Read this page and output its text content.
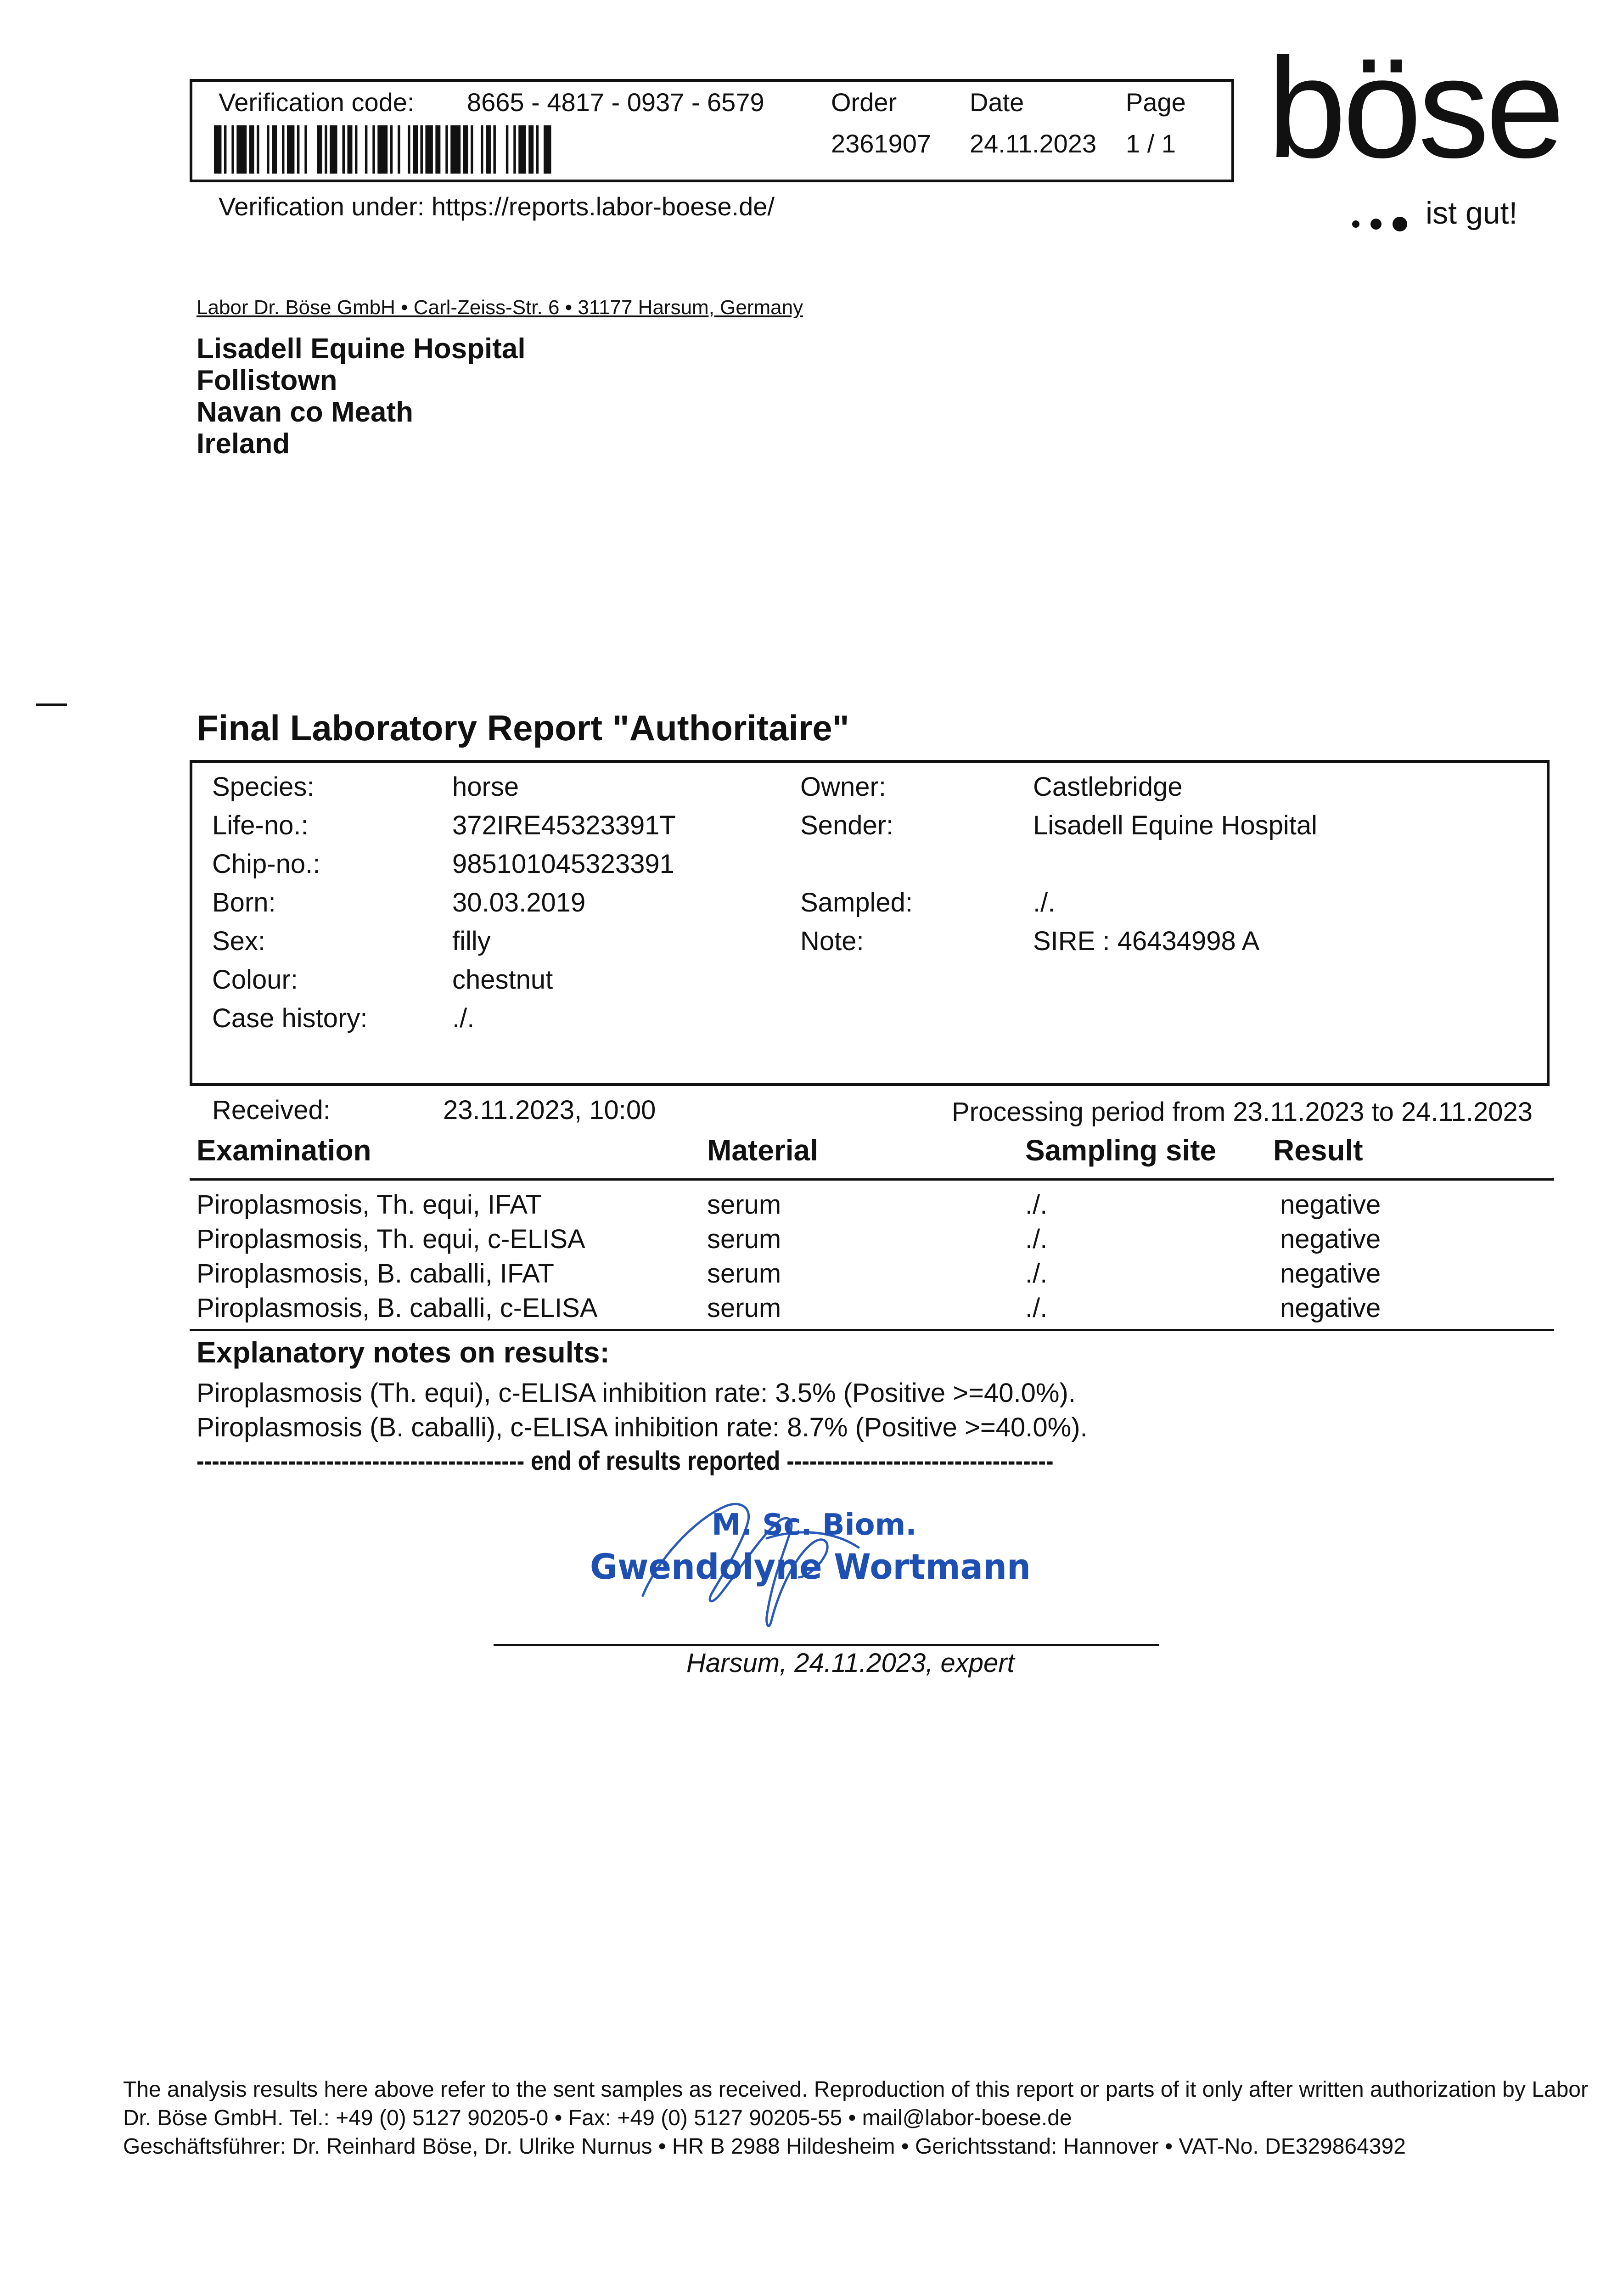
Verification code: 8665 - 4817 - 0937 - 6579	Order
2361907
Date
24.11.2023
Page
1 / 1
Verification under: https://reports.labor-boese.de/
böse
ist gut!
Labor Dr. Böse GmbH • Carl-Zeiss-Str. 6 • 31177 Harsum, Germany
Lisadell Equine Hospital
Follistown
Navan co Meath
Ireland
Final Laboratory Report "Authoritaire"
Species:	horse
Life-no.:	372IRE45323391T
Chip-no.:	985101045323391
Born:	30.03.2019
Sex:	filly
Colour:	chestnut
Case history:	./.
Owner:	Castlebridge
Sender:	Lisadell Equine Hospital
Sampled:	./.
Note:	SIRE : 46434998 A
Received:	23.11.2023, 10:00	Processing period from 23.11.2023 to 24.11.2023
Examination	Material	Sampling site Result
Piroplasmosis, Th. equi, IFAT	serum	./.	negative
Piroplasmosis, Th. equi, c-ELISA	serum	./.	negative
Piroplasmosis, B. caballi, IFAT	serum	./.	negative
Piroplasmosis, B. caballi, c-ELISA	serum	./.	negative
Explanatory notes on results:
Piroplasmosis (Th. equi), c-ELISA inhibition rate: 3.5% (Positive >=40.0%).
Piroplasmosis (B. caballi), c-ELISA inhibition rate: 8.7% (Positive >=40.0%).
------------------------------------------- end of results reported -----------------------------------
M. Sc. Biom.
Gwendolyne Wortmann
Harsum, 24.11.2023, expert
The analysis results here above refer to the sent samples as received. Reproduction of this report or parts of it only after written authorization by Labor
Dr. Böse GmbH. Tel.: +49 (0) 5127 90205-0 • Fax: +49 (0) 5127 90205-55 • mail@labor-boese.de
Geschäftsführer: Dr. Reinhard Böse, Dr. Ulrike Nurnus • HR B 2988 Hildesheim • Gerichtsstand: Hannover • VAT-No. DE329864392
